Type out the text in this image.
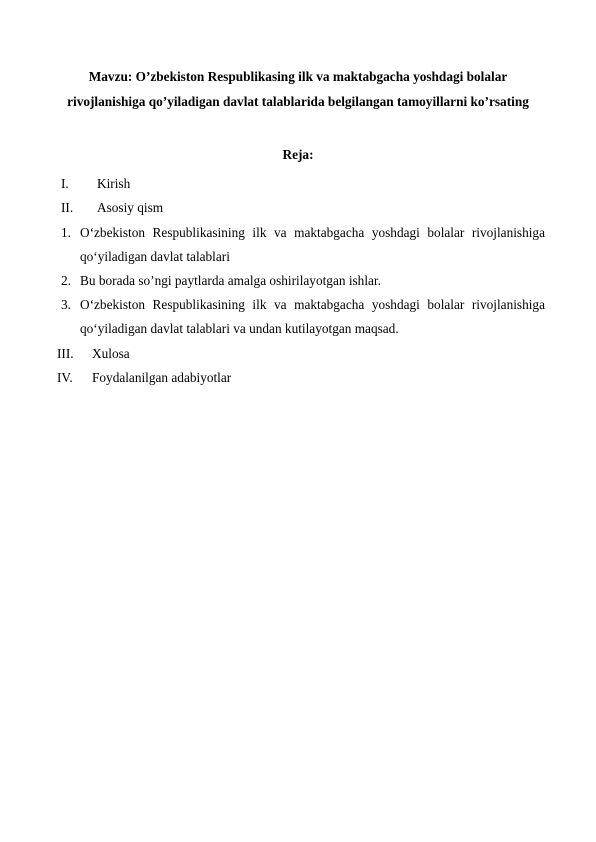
Mavzu: O’zbekiston Respublikasing ilk va maktabgacha yoshdagi bolalar
rivojlanishiga qo’yiladigan davlat talablarida belgilangan tamoyillarni ko’rsating
Reja:
I. Kirish
II. Asosiy qism
1. O‘zbekiston Respublikasining ilk va maktabgacha yoshdagi bolalar rivojlanishiga
qo‘yiladigan davlat talablari
2. Bu borada so’ngi paytlarda amalga oshirilayotgan ishlar.
3. O‘zbekiston Respublikasining ilk va maktabgacha yoshdagi bolalar rivojlanishiga
qo‘yiladigan davlat talablari va undan kutilayotgan maqsad.
III. Xulosa
IV. Foydalanilgan adabiyotlar
